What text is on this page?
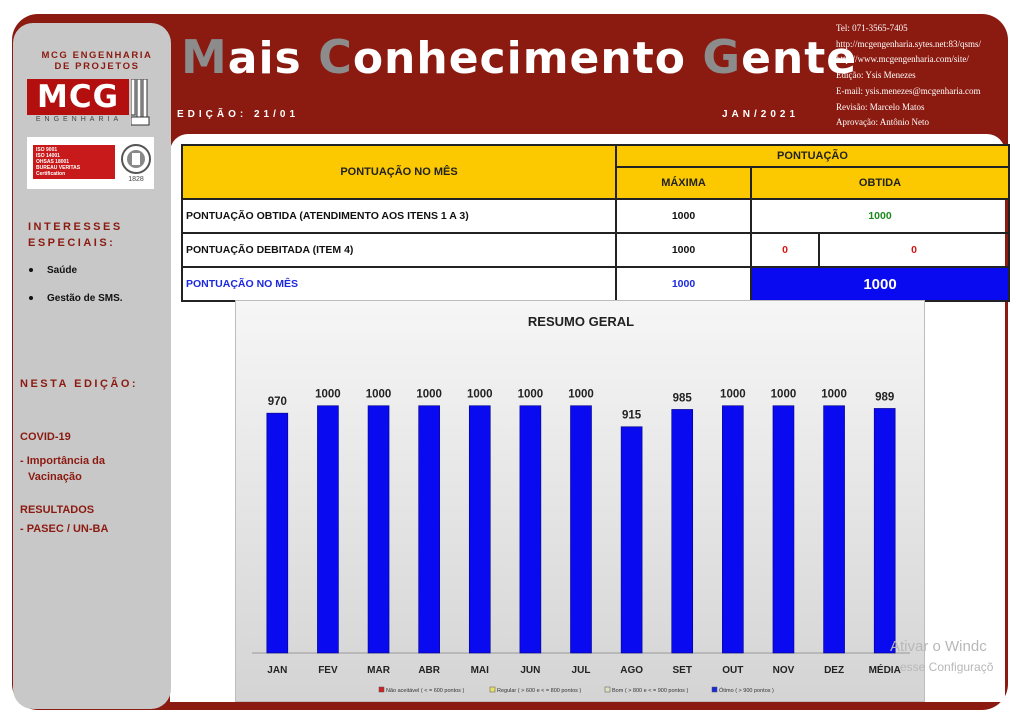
Mais Conhecimento Gente
EDIÇÃO: 21/01	JAN/2021
Tel: 071-3565-7405
http://mcgengenharia.sytes.net:83/qsms/
http://www.mcgengenharia.com/site/
Edição: Ysis Menezes
E-mail: ysis.menezes@mcgenharia.com
Revisão: Marcelo Matos
Aprovação: Antônio Neto
MCG ENGENHARIA
DE PROJETOS
MCG
ENGENHARIA
ISO 9001
ISO 14001
OHSAS 18001
BUREAU VERITAS
Certification
1828
INTERESSES
ESPECIAIS:
Saúde
Gestão de SMS.
NESTA EDIÇÃO:
COVID-19
- Importância da
Vacinação
RESULTADOS
- PASEC / UN-BA
PONTUAÇÃO NO MÊS	PONTUAÇÃO		
	MÁXIMA	OBTIDA	
PONTUAÇÃO OBTIDA (ATENDIMENTO AOS ITENS 1 A 3)	1000	1000	
PONTUAÇÃO DEBITADA (ITEM 4)	1000	0	0
PONTUAÇÃO NO MÊS	1000	1000	
RESUMO GERAL
970
JAN
1000
FEV
1000
MAR
1000
ABR
1000
MAI
1000
JUN
1000
JUL
915
AGO
985
SET
1000
OUT
1000
NOV
1000
DEZ
989
MÉDIA
Não aceitável ( < = 600 pontos )	Regular ( > 600 e < = 800 pontos )	Bom ( > 800 e < = 900 pontos )	Ótimo ( > 900 pontos )
Ativar o Windc
esse Configuraçõ
